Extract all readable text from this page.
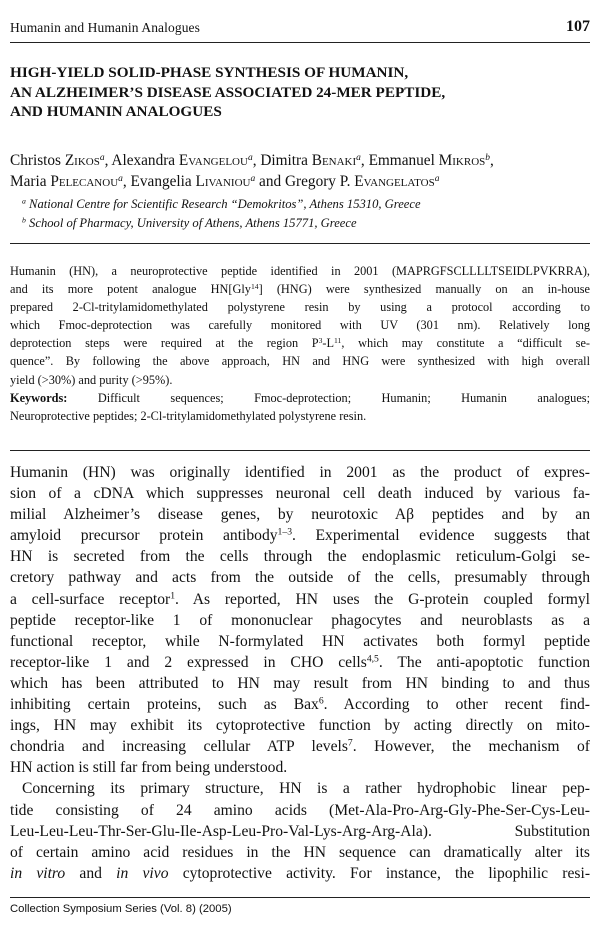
Humanin and Humanin Analogues	107
HIGH-YIELD SOLID-PHASE SYNTHESIS OF HUMANIN,
AN ALZHEIMER’S DISEASE ASSOCIATED 24-MER PEPTIDE,
AND HUMANIN ANALOGUES
Christos Zikos$^a$, Alexandra Evangelou$^a$, Dimitra Benaki$^a$, Emmanuel Mikros$^b$,
Maria Pelecanou$^a$, Evangelia Livaniou$^a$ and Gregory P. Evangelatos$^a$
$^a$ National Centre for Scientific Research “Demokritos”, Athens 15310, Greece
$^b$ School of Pharmacy, University of Athens, Athens 15771, Greece
Humanin (HN), a neuroprotective peptide identified in 2001 (MAPRGFSCLLLLTSEIDLPVKRRA),
and its more potent analogue HN[Gly$^{14}$] (HNG) were synthesized manually on an in-house
prepared 2-Cl-tritylamidomethylated polystyrene resin by using a protocol according to
which Fmoc-deprotection was carefully monitored with UV (301 nm). Relatively long
deprotection steps were required at the region $P^3-L^{11}$, which may constitute a “difficult se-
quence”. By following the above approach, HN and HNG were synthesized with high overall
yield (>30%) and purity (>95%).
Keywords: Difficult sequences; Fmoc-deprotection; Humanin; Humanin analogues;
Neuroprotective peptides; 2-Cl-tritylamidomethylated polystyrene resin.
Humanin (HN) was originally identified in 2001 as the product of expres-
sion of a cDNA which suppresses neuronal cell death induced by various fa-
milial Alzheimer’s disease genes, by neurotoxic Aβ peptides and by an
amyloid precursor protein antibody$^{1-3}$. Experimental evidence suggests that
HN is secreted from the cells through the endoplasmic reticulum-Golgi se-
cretory pathway and acts from the outside of the cells, presumably through
a cell-surface receptor$^1$. As reported, HN uses the G-protein coupled formyl
peptide receptor-like 1 of mononuclear phagocytes and neuroblasts as a
functional receptor, while N-formylated HN activates both formyl peptide
receptor-like 1 and 2 expressed in CHO cells$^{4,5}$. The anti-apoptotic function
which has been attributed to HN may result from HN binding to and thus
inhibiting certain proteins, such as Bax$^6$. According to other recent find-
ings, HN may exhibit its cytoprotective function by acting directly on mito-
chondria and increasing cellular ATP levels$^7$. However, the mechanism of
HN action is still far from being understood.
Concerning its primary structure, HN is a rather hydrophobic linear pep-
tide consisting of 24 amino acids (Met-Ala-Pro-Arg-Gly-Phe-Ser-Cys-Leu-
Leu-Leu-Leu-Thr-Ser-Glu-Ile-Asp-Leu-Pro-Val-Lys-Arg-Arg-Ala). Substitution
of certain amino acid residues in the HN sequence can dramatically alter its
in vitro and in vivo cytoprotective activity. For instance, the lipophilic resi-
Collection Symposium Series (Vol. 8) (2005)
